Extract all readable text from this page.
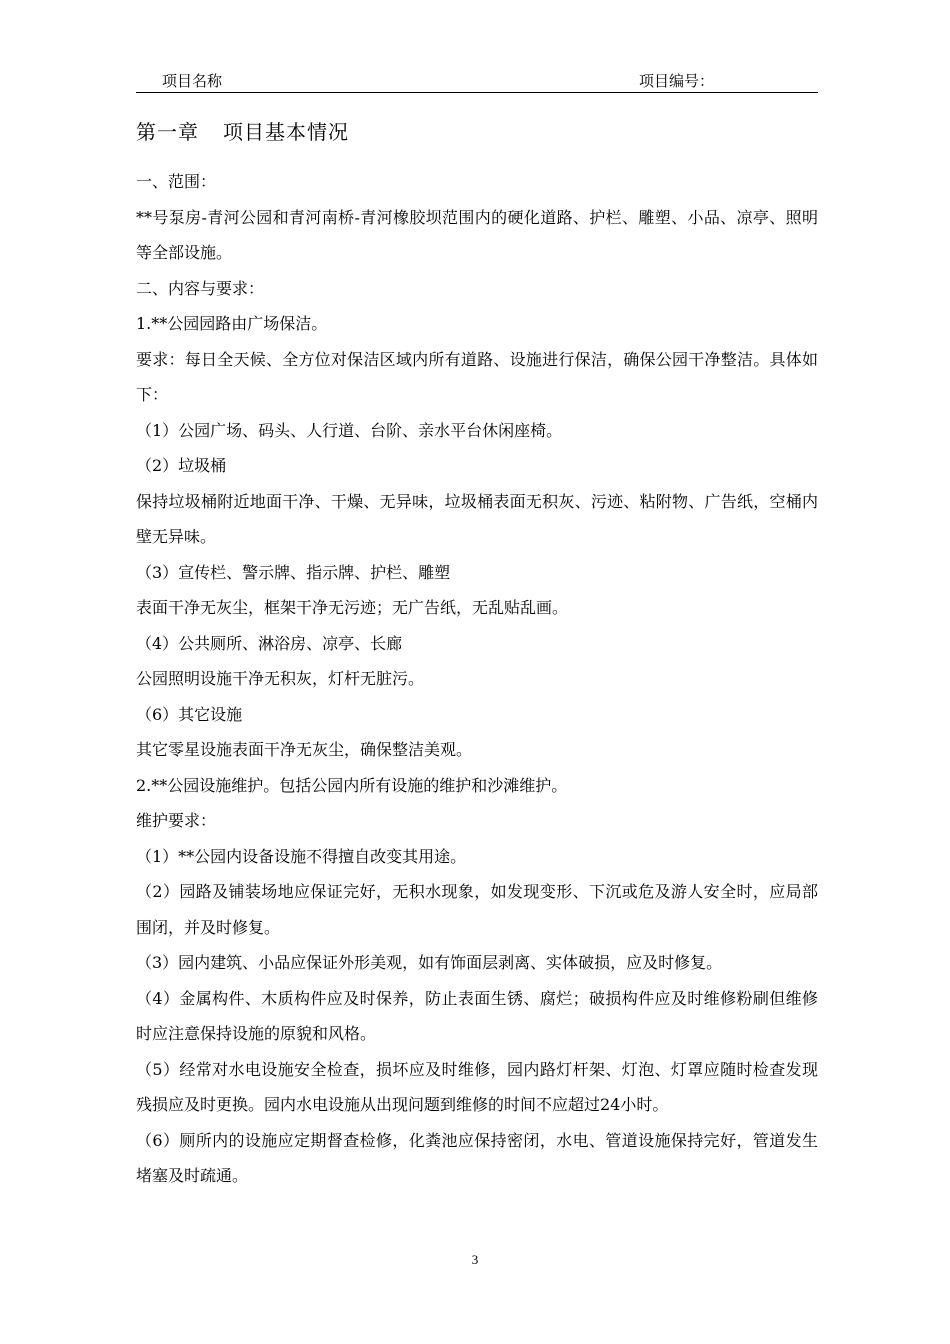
项目名称	项目编号：
第一章 项目基本情况

一、范围：

**号泵房-青河公园和青河南桥-青河橡胶坝范围内的硬化道路、护栏、雕塑、小品、凉亭、照明等全部设施。

二、内容与要求：

1.**公园园路由广场保洁。

要求：每日全天候、全方位对保洁区域内所有道路、设施进行保洁，确保公园干净整洁。具体如下：

（1）公园广场、码头、人行道、台阶、亲水平台休闲座椅。

（2）垃圾桶

保持垃圾桶附近地面干净、干燥、无异味，垃圾桶表面无积灰、污迹、粘附物、广告纸，空桶内壁无异味。

（3）宣传栏、警示牌、指示牌、护栏、雕塑

表面干净无灰尘，框架干净无污迹；无广告纸，无乱贴乱画。

（4）公共厕所、淋浴房、凉亭、长廊

公园照明设施干净无积灰，灯杆无脏污。

（6）其它设施

其它零星设施表面干净无灰尘，确保整洁美观。

2.**公园设施维护。包括公园内所有设施的维护和沙滩维护。

维护要求：

（1）**公园内设备设施不得擅自改变其用途。

（2）园路及铺装场地应保证完好，无积水现象，如发现变形、下沉或危及游人安全时，应局部围闭，并及时修复。

（3）园内建筑、小品应保证外形美观，如有饰面层剥离、实体破损，应及时修复。

（4）金属构件、木质构件应及时保养，防止表面生锈、腐烂；破损构件应及时维修粉刷但维修时应注意保持设施的原貌和风格。

（5）经常对水电设施安全检查，损坏应及时维修，园内路灯杆架、灯泡、灯罩应随时检查发现残损应及时更换。园内水电设施从出现问题到维修的时间不应超过24小时。

（6）厕所内的设施应定期督查检修，化粪池应保持密闭，水电、管道设施保持完好，管道发生堵塞及时疏通。

3
